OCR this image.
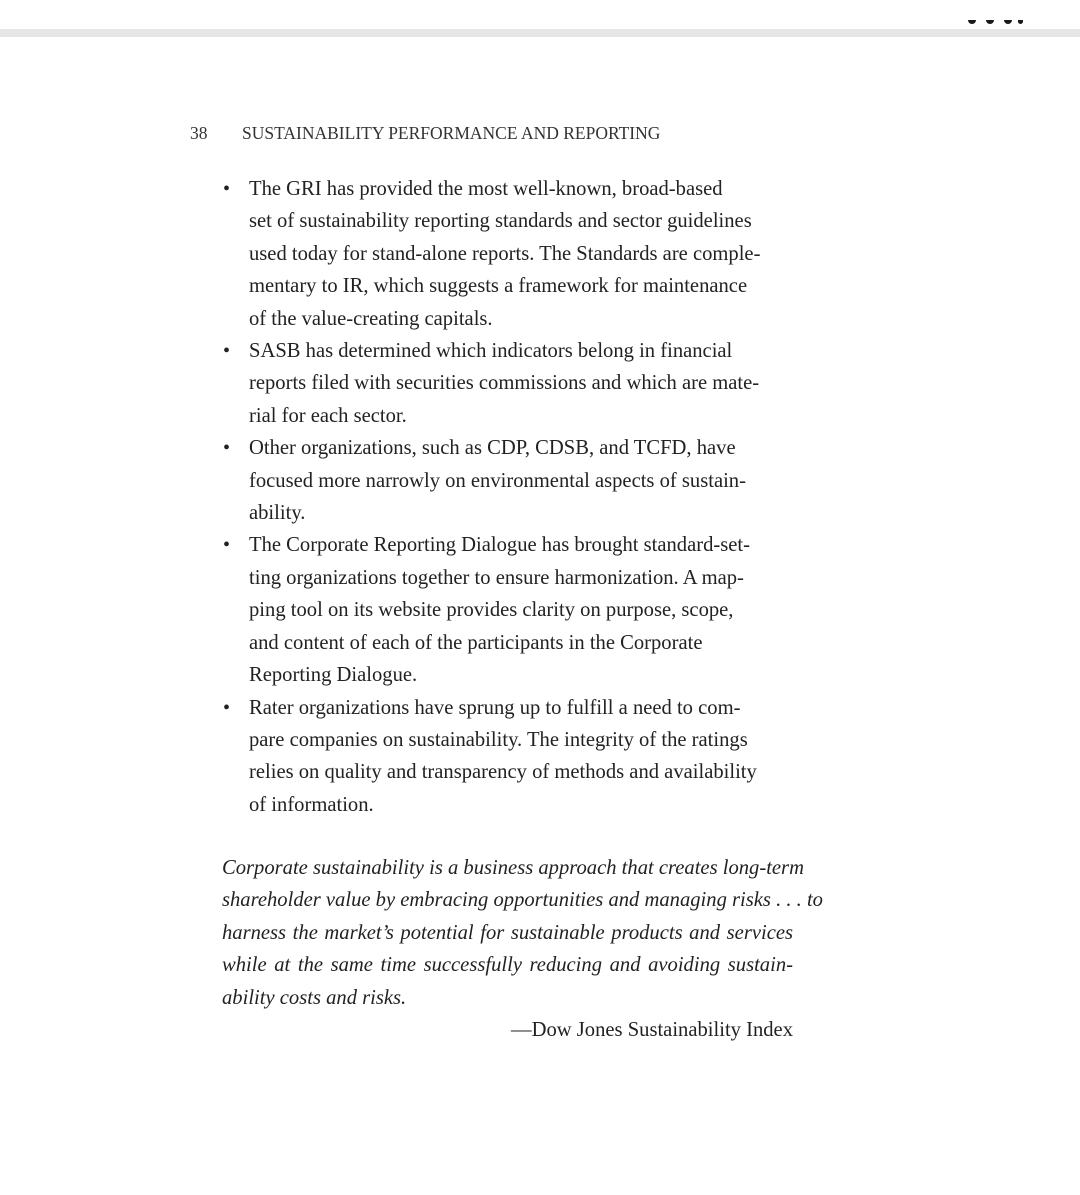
38 SUSTAINABILITY PERFORMANCE AND REPORTING
• The GRI has provided the most well-known, broad-based
set of sustainability reporting standards and sector guidelines
used today for stand-alone reports. The Standards are comple-
mentary to IR, which suggests a framework for maintenance
of the value-creating capitals.
• SASB has determined which indicators belong in financial
reports filed with securities commissions and which are mate-
rial for each sector.
• Other organizations, such as CDP, CDSB, and TCFD, have
focused more narrowly on environmental aspects of sustain-
ability.
• The Corporate Reporting Dialogue has brought standard-set-
ting organizations together to ensure harmonization. A map-
ping tool on its website provides clarity on purpose, scope,
and content of each of the participants in the Corporate
Reporting Dialogue.
• Rater organizations have sprung up to fulfill a need to com-
pare companies on sustainability. The integrity of the ratings
relies on quality and transparency of methods and availability
of information.
Corporate sustainability is a business approach that creates long-term
shareholder value by embracing opportunities and managing risks . . . to
harness the market’s potential for sustainable products and services
while at the same time successfully reducing and avoiding sustain-
ability costs and risks.
—Dow Jones Sustainability Index
